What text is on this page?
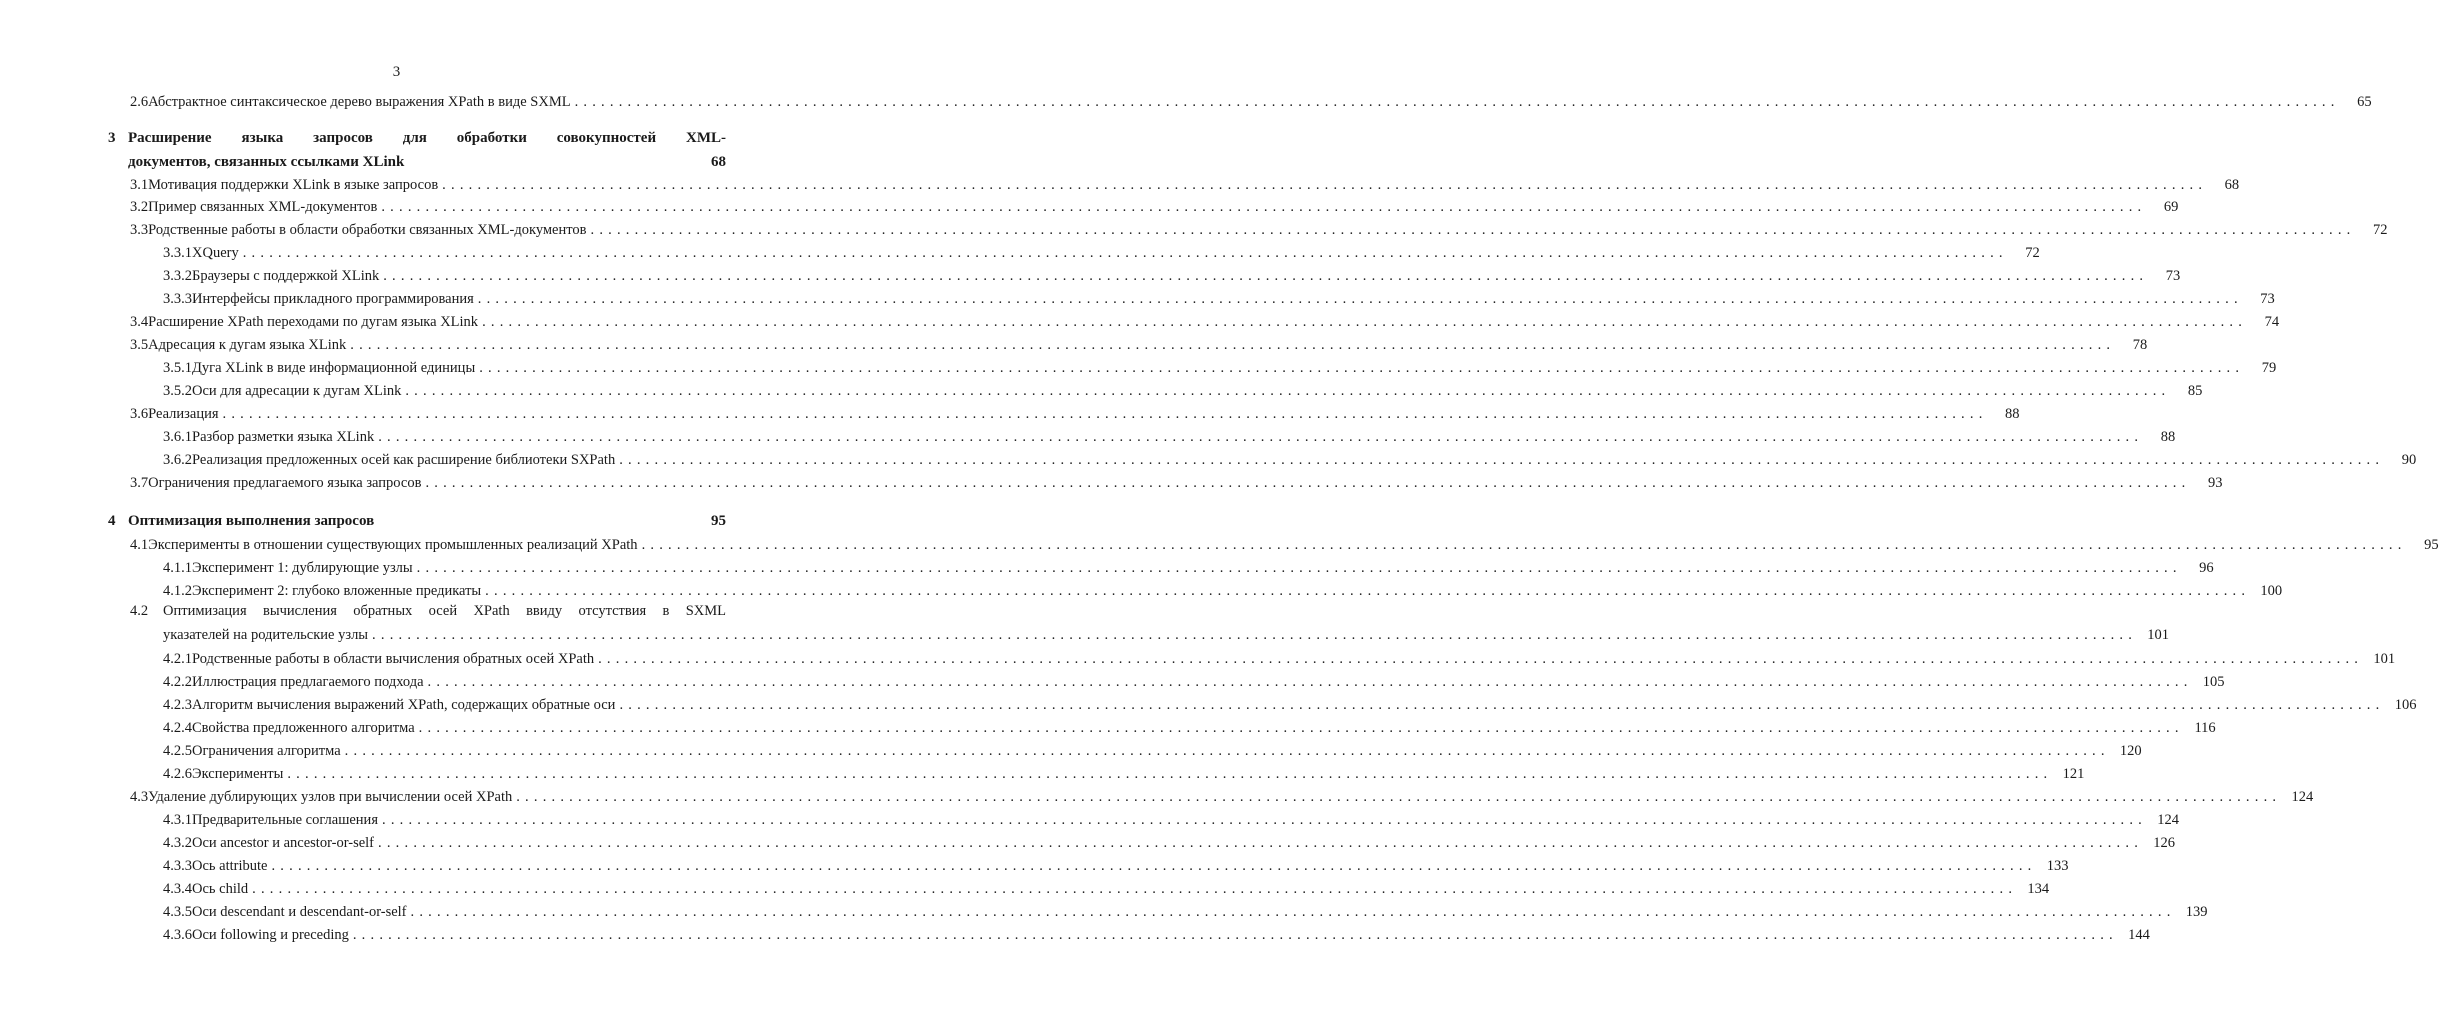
3
2.6 Абстрактное синтаксическое дерево выражения XPath в виде SXML ........................................................................................................................................................................................................	65
3 Расширение языка запросов для обработки совокупностей XML-
документов, связанных ссылками XLink	68
3.1 Мотивация поддержки XLink в языке запросов ........................................................................................................................................................................................................	68
3.2 Пример связанных XML-документов ........................................................................................................................................................................................................	69
3.3 Родственные работы в области обработки связанных XML-документов ........................................................................................................................................................................................................	72
3.3.1 XQuery ........................................................................................................................................................................................................	72
3.3.2 Браузеры с поддержкой XLink ........................................................................................................................................................................................................	73
3.3.3 Интерфейсы прикладного программирования ........................................................................................................................................................................................................	73
3.4 Расширение XPath переходами по дугам языка XLink ........................................................................................................................................................................................................	74
3.5 Адресация к дугам языка XLink ........................................................................................................................................................................................................	78
3.5.1 Дуга XLink в виде информационной единицы ........................................................................................................................................................................................................	79
3.5.2 Оси для адресации к дугам XLink ........................................................................................................................................................................................................	85
3.6 Реализация ........................................................................................................................................................................................................	88
3.6.1 Разбор разметки языка XLink ........................................................................................................................................................................................................	88
3.6.2 Реализация предложенных осей как расширение библиотеки SXPath ........................................................................................................................................................................................................	90
3.7 Ограничения предлагаемого языка запросов ........................................................................................................................................................................................................	93
4 Оптимизация выполнения запросов	95
4.1 Эксперименты в отношении существующих промышленных реализаций XPath ........................................................................................................................................................................................................	95
4.1.1 Эксперимент 1: дублирующие узлы ........................................................................................................................................................................................................	96
4.1.2 Эксперимент 2: глубоко вложенные предикаты ........................................................................................................................................................................................................ 100
4.2	Оптимизация вычисления обратных осей XPath ввиду отсутствия в SXML
указателей на родительские узлы ........................................................................................................................................................................................................ 101
4.2.1 Родственные работы в области вычисления обратных осей XPath ........................................................................................................................................................................................................ 101
4.2.2 Иллюстрация предлагаемого подхода ........................................................................................................................................................................................................ 105
4.2.3 Алгоритм вычисления выражений XPath, содержащих обратные оси ........................................................................................................................................................................................................ 106
4.2.4 Свойства предложенного алгоритма ........................................................................................................................................................................................................ 116
4.2.5 Ограничения алгоритма ........................................................................................................................................................................................................ 120
4.2.6 Эксперименты ........................................................................................................................................................................................................ 121
4.3 Удаление дублирующих узлов при вычислении осей XPath ........................................................................................................................................................................................................ 124
4.3.1 Предварительные соглашения ........................................................................................................................................................................................................ 124
4.3.2 Оси ancestor и ancestor-or-self ........................................................................................................................................................................................................ 126
4.3.3 Ось attribute ........................................................................................................................................................................................................ 133
4.3.4 Ось child ........................................................................................................................................................................................................ 134
4.3.5 Оси descendant и descendant-or-self ........................................................................................................................................................................................................ 139
4.3.6 Оси following и preceding ........................................................................................................................................................................................................ 144
